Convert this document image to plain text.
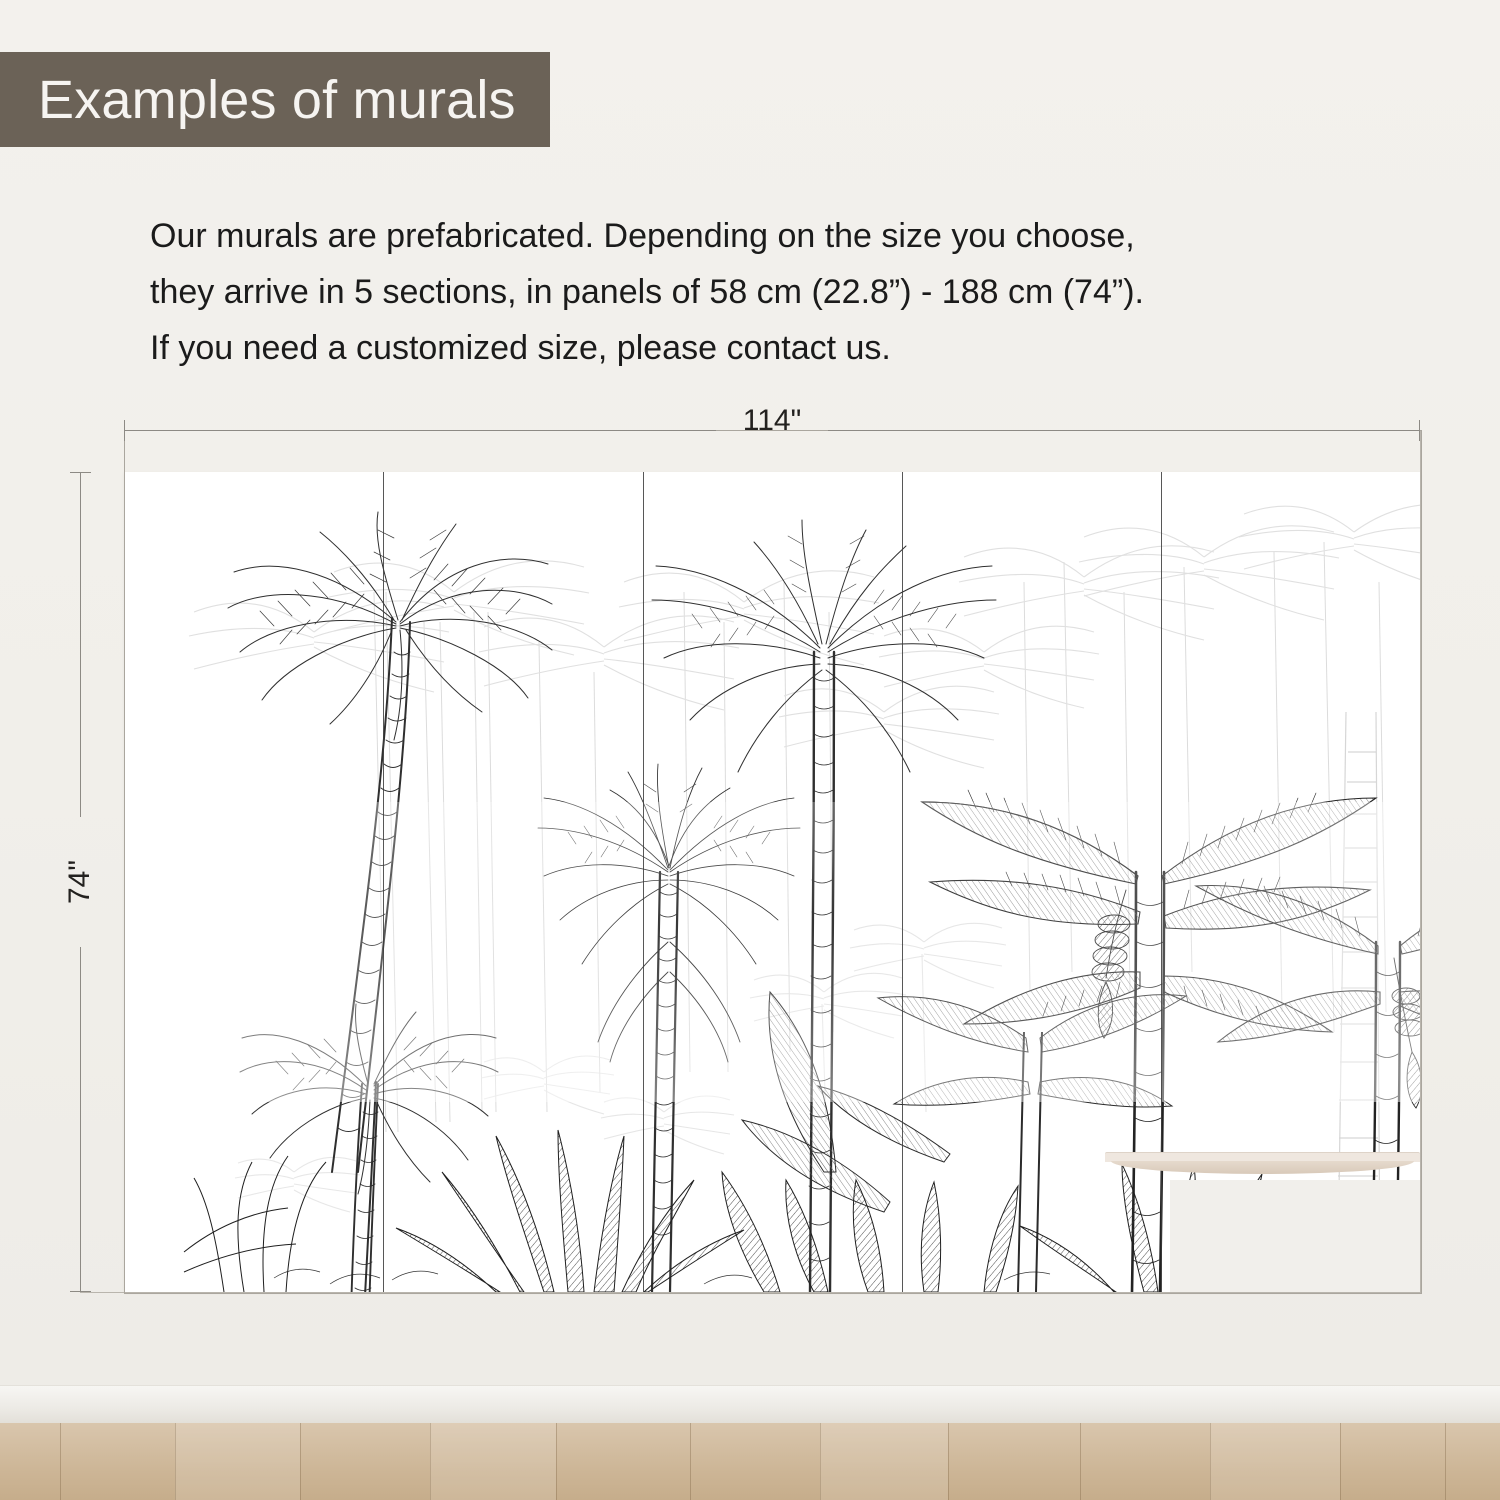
114"
74"
Examples of murals
Our murals are prefabricated. Depending on the size you choose,
they arrive in 5 sections, in panels of 58 cm (22.8”) - 188 cm (74”).
If you need a customized size, please contact us.
